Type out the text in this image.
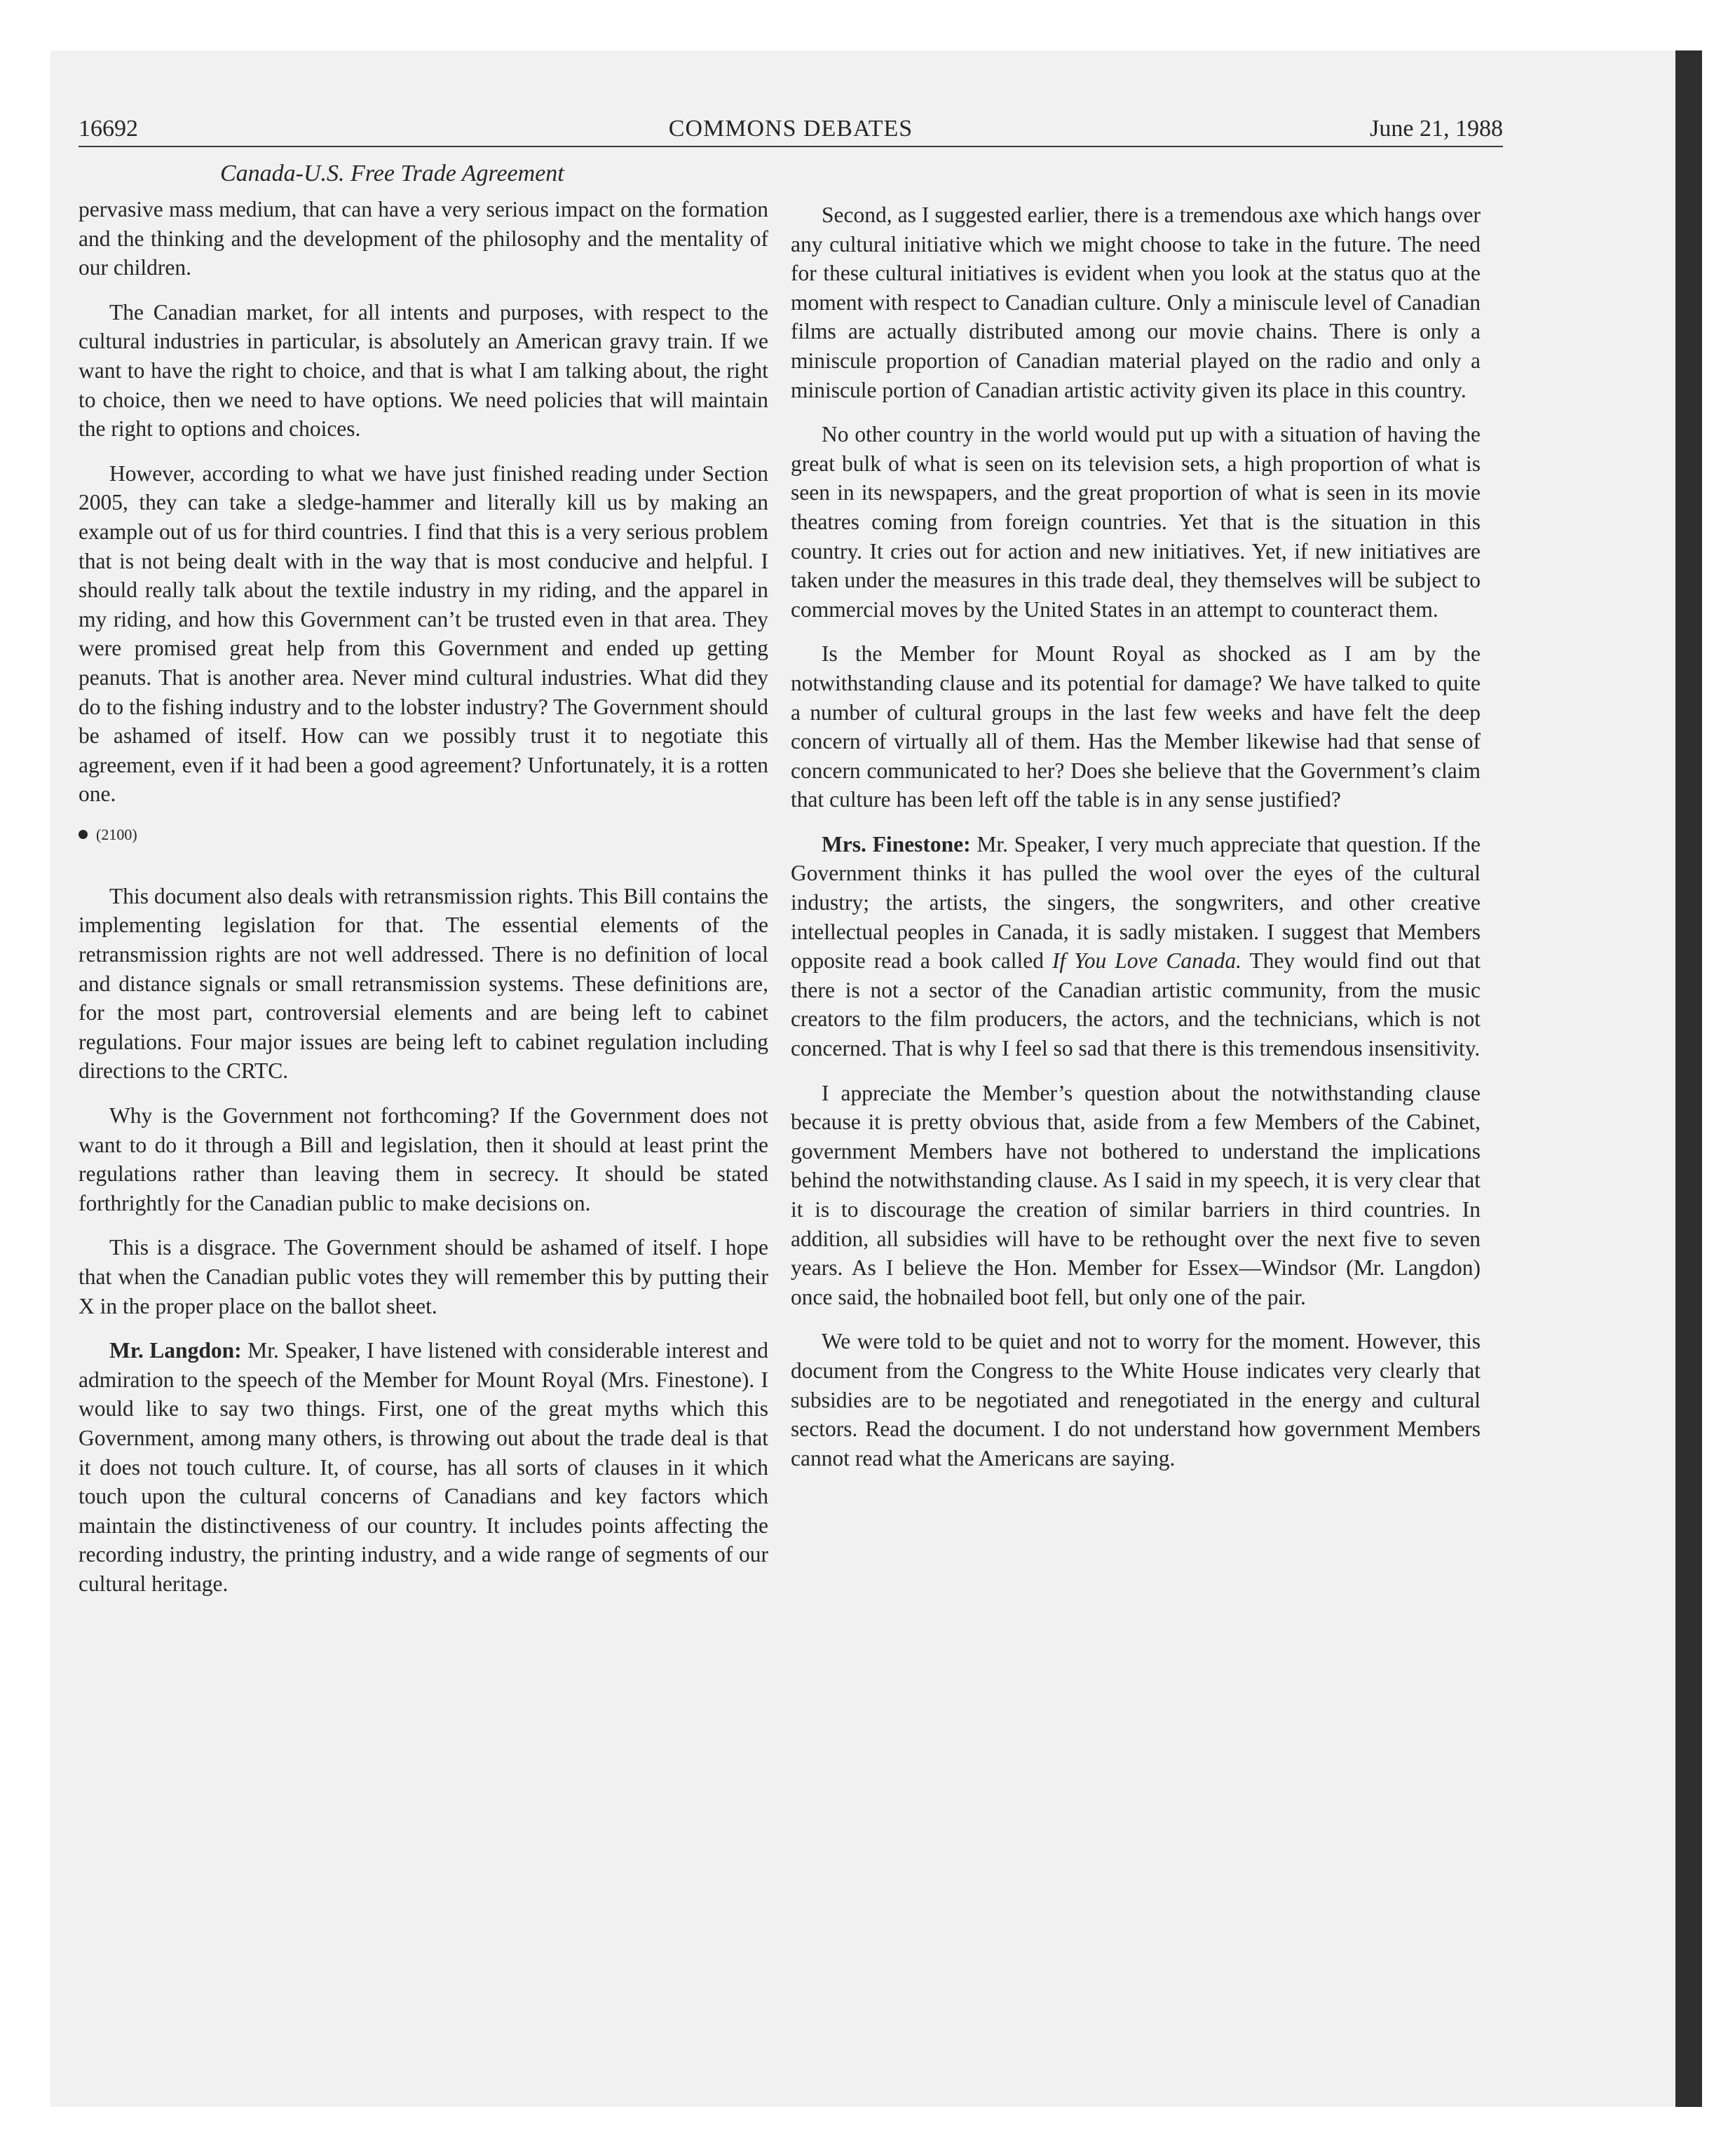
16692	COMMONS DEBATES	June 21, 1988
Canada-U.S. Free Trade Agreement

pervasive mass medium, that can have a very serious impact on the formation and the thinking and the development of the philosophy and the mentality of our children.

The Canadian market, for all intents and purposes, with respect to the cultural industries in particular, is absolutely an American gravy train. If we want to have the right to choice, and that is what I am talking about, the right to choice, then we need to have options. We need policies that will maintain the right to options and choices.

However, according to what we have just finished reading under Section 2005, they can take a sledge-hammer and literally kill us by making an example out of us for third countries. I find that this is a very serious problem that is not being dealt with in the way that is most conducive and helpful. I should really talk about the textile industry in my riding, and the apparel in my riding, and how this Government can’t be trusted even in that area. They were promised great help from this Government and ended up getting peanuts. That is another area. Never mind cultural industries. What did they do to the fishing industry and to the lobster industry? The Government should be ashamed of itself. How can we possibly trust it to negotiate this agreement, even if it had been a good agreement? Unfortunately, it is a rotten one.

(2100)

This document also deals with retransmission rights. This Bill contains the implementing legislation for that. The essential elements of the retransmission rights are not well addressed. There is no definition of local and distance signals or small retransmission systems. These definitions are, for the most part, controversial elements and are being left to cabinet regulations. Four major issues are being left to cabinet regulation including directions to the CRTC.

Why is the Government not forthcoming? If the Government does not want to do it through a Bill and legislation, then it should at least print the regulations rather than leaving them in secrecy. It should be stated forthrightly for the Canadian public to make decisions on.

This is a disgrace. The Government should be ashamed of itself. I hope that when the Canadian public votes they will remember this by putting their X in the proper place on the ballot sheet.

Mr. Langdon: Mr. Speaker, I have listened with considerable interest and admiration to the speech of the Member for Mount Royal (Mrs. Finestone). I would like to say two things. First, one of the great myths which this Government, among many others, is throwing out about the trade deal is that it does not touch culture. It, of course, has all sorts of clauses in it which touch upon the cultural concerns of Canadians and key factors which maintain the distinctiveness of our country. It includes points affecting the recording industry, the printing industry, and a wide range of segments of our cultural heritage.

Second, as I suggested earlier, there is a tremendous axe which hangs over any cultural initiative which we might choose to take in the future. The need for these cultural initiatives is evident when you look at the status quo at the moment with respect to Canadian culture. Only a miniscule level of Canadian films are actually distributed among our movie chains. There is only a miniscule proportion of Canadian material played on the radio and only a miniscule portion of Canadian artistic activity given its place in this country.

No other country in the world would put up with a situation of having the great bulk of what is seen on its television sets, a high proportion of what is seen in its newspapers, and the great proportion of what is seen in its movie theatres coming from foreign countries. Yet that is the situation in this country. It cries out for action and new initiatives. Yet, if new initiatives are taken under the measures in this trade deal, they themselves will be subject to commercial moves by the United States in an attempt to counteract them.

Is the Member for Mount Royal as shocked as I am by the notwithstanding clause and its potential for damage? We have talked to quite a number of cultural groups in the last few weeks and have felt the deep concern of virtually all of them. Has the Member likewise had that sense of concern communicated to her? Does she believe that the Government’s claim that culture has been left off the table is in any sense justified?

Mrs. Finestone: Mr. Speaker, I very much appreciate that question. If the Government thinks it has pulled the wool over the eyes of the cultural industry; the artists, the singers, the songwriters, and other creative intellectual peoples in Canada, it is sadly mistaken. I suggest that Members opposite read a book called If You Love Canada. They would find out that there is not a sector of the Canadian artistic community, from the music creators to the film producers, the actors, and the technicians, which is not concerned. That is why I feel so sad that there is this tremendous insensitivity.

I appreciate the Member’s question about the notwithstanding clause because it is pretty obvious that, aside from a few Members of the Cabinet, government Members have not bothered to understand the implications behind the notwithstanding clause. As I said in my speech, it is very clear that it is to discourage the creation of similar barriers in third countries. In addition, all subsidies will have to be rethought over the next five to seven years. As I believe the Hon. Member for Essex—Windsor (Mr. Langdon) once said, the hobnailed boot fell, but only one of the pair.

We were told to be quiet and not to worry for the moment. However, this document from the Congress to the White House indicates very clearly that subsidies are to be negotiated and renegotiated in the energy and cultural sectors. Read the document. I do not understand how government Members cannot read what the Americans are saying.
